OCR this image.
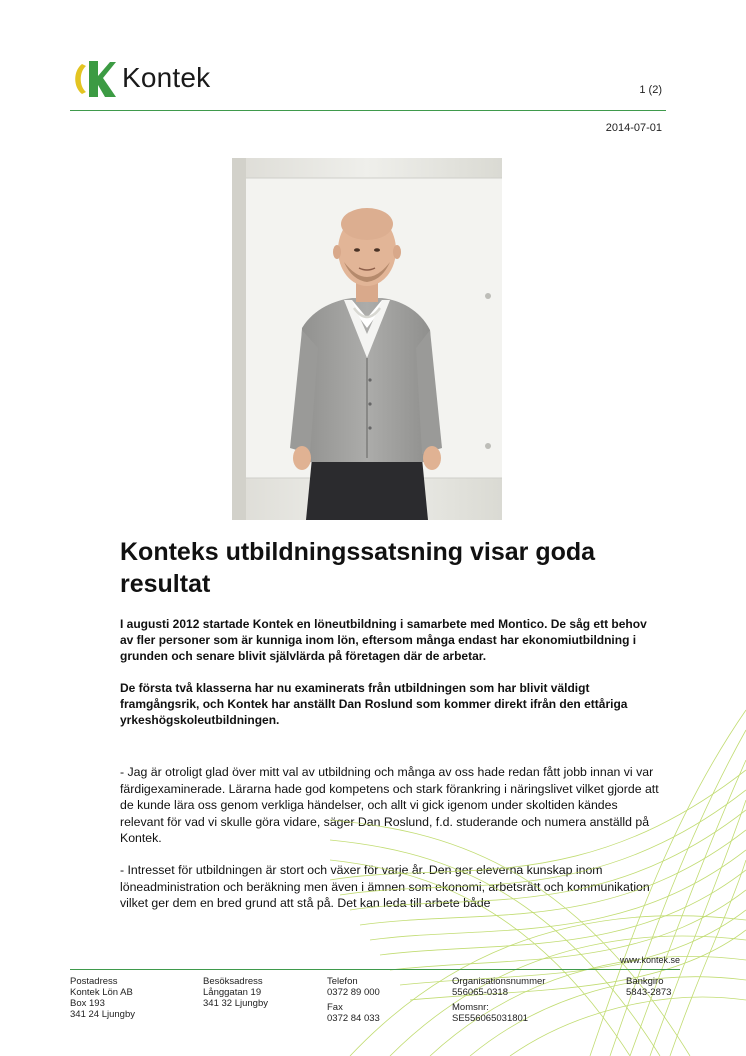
Kontek	1 (2)
2014-07-01
Konteks utbildningssatsning visar goda resultat

I augusti 2012 startade Kontek en löneutbildning i samarbete med Montico. De såg ett behov av fler personer som är kunniga inom lön, eftersom många endast har ekonomiutbildning i grunden och senare blivit självlärda på företagen där de arbetar.

De första två klasserna har nu examinerats från utbildningen som har blivit väldigt framgångsrik, och Kontek har anställt Dan Roslund som kommer direkt ifrån den ettåriga yrkeshögskoleutbildningen.

- Jag är otroligt glad över mitt val av utbildning och många av oss hade redan fått jobb innan vi var färdigexaminerade. Lärarna hade god kompetens och stark förankring i näringslivet vilket gjorde att de kunde lära oss genom verkliga händelser, och allt vi gick igenom under skoltiden kändes relevant för vad vi skulle göra vidare, säger Dan Roslund, f.d. studerande och numera anställd på Kontek.

- Intresset för utbildningen är stort och växer för varje år. Den ger eleverna kunskap inom löneadministration och beräkning men även i ämnen som ekonomi, arbetsrätt och kommunikation vilket ger dem en bred grund att stå på. Det kan leda till arbete både

www.kontek.se
Postadress
Kontek Lön AB
Box 193
341 24 Ljungby
Besöksadress
Långgatan 19
341 32 Ljungby
Telefon
0372 89 000
Fax
0372 84 033
Organisationsnummer
556065-0318
Momsnr:
SE556065031801
Bankgiro
5843-2873
